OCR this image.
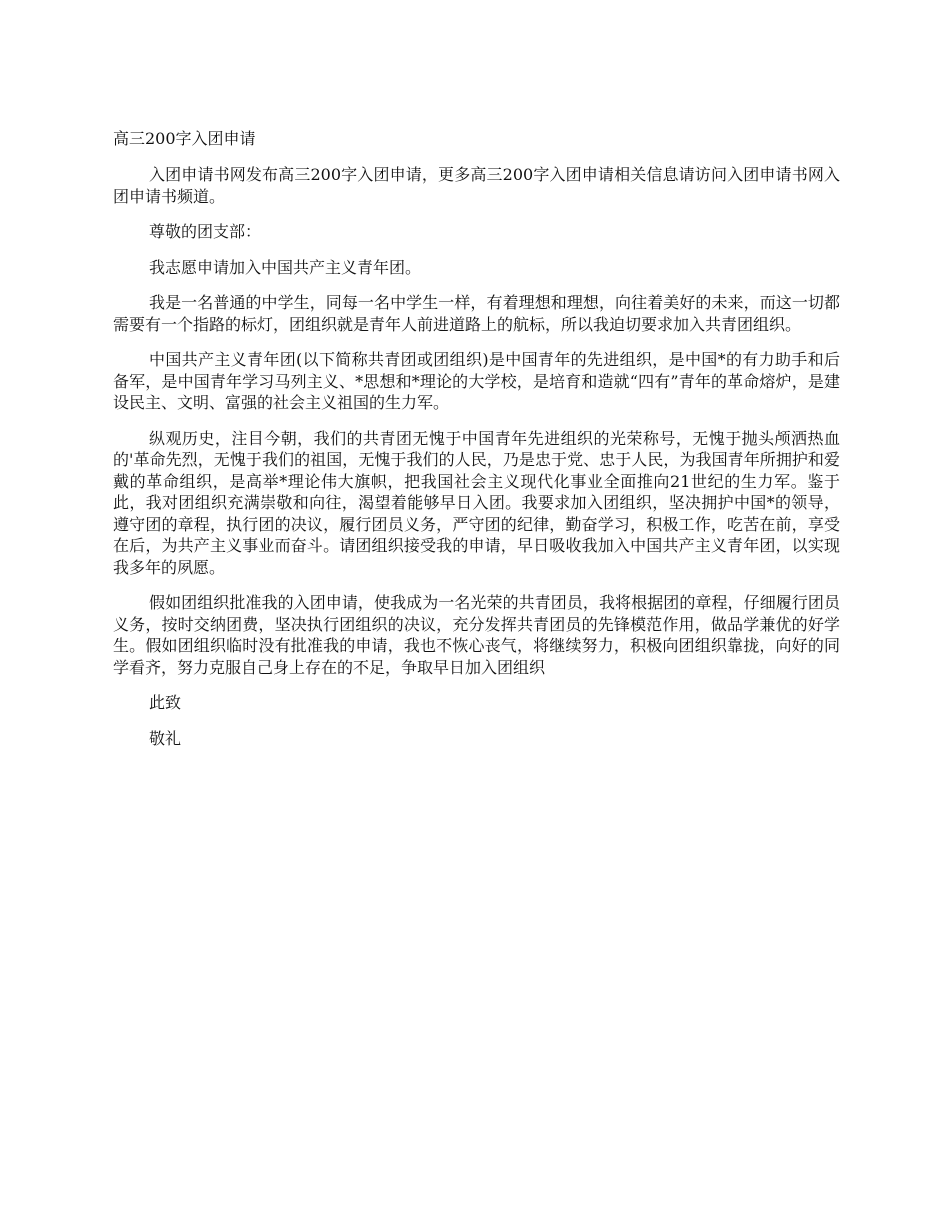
高三200字入团申请

入团申请书网发布高三200字入团申请，更多高三200字入团申请相关信息请访问入团申请书网入团申请书频道。

尊敬的团支部：

我志愿申请加入中国共产主义青年团。

我是一名普通的中学生，同每一名中学生一样，有着理想和理想，向往着美好的未来，而这一切都需要有一个指路的标灯，团组织就是青年人前进道路上的航标，所以我迫切要求加入共青团组织。

中国共产主义青年团(以下简称共青团或团组织)是中国青年的先进组织，是中国*的有力助手和后备军，是中国青年学习马列主义、*思想和*理论的大学校，是培育和造就“四有”青年的革命熔炉，是建设民主、文明、富强的社会主义祖国的生力军。

纵观历史，注目今朝，我们的共青团无愧于中国青年先进组织的光荣称号，无愧于抛头颅洒热血的'革命先烈，无愧于我们的祖国，无愧于我们的人民，乃是忠于党、忠于人民，为我国青年所拥护和爱戴的革命组织，是高举*理论伟大旗帜，把我国社会主义现代化事业全面推向21世纪的生力军。鉴于此，我对团组织充满崇敬和向往，渴望着能够早日入团。我要求加入团组织，坚决拥护中国*的领导，遵守团的章程，执行团的决议，履行团员义务，严守团的纪律，勤奋学习，积极工作，吃苦在前，享受在后，为共产主义事业而奋斗。请团组织接受我的申请，早日吸收我加入中国共产主义青年团，以实现我多年的夙愿。

假如团组织批准我的入团申请，使我成为一名光荣的共青团员，我将根据团的章程，仔细履行团员义务，按时交纳团费，坚决执行团组织的决议，充分发挥共青团员的先锋模范作用，做品学兼优的好学生。假如团组织临时没有批准我的申请，我也不恢心丧气，将继续努力，积极向团组织靠拢，向好的同学看齐，努力克服自己身上存在的不足，争取早日加入团组织

此致

敬礼
